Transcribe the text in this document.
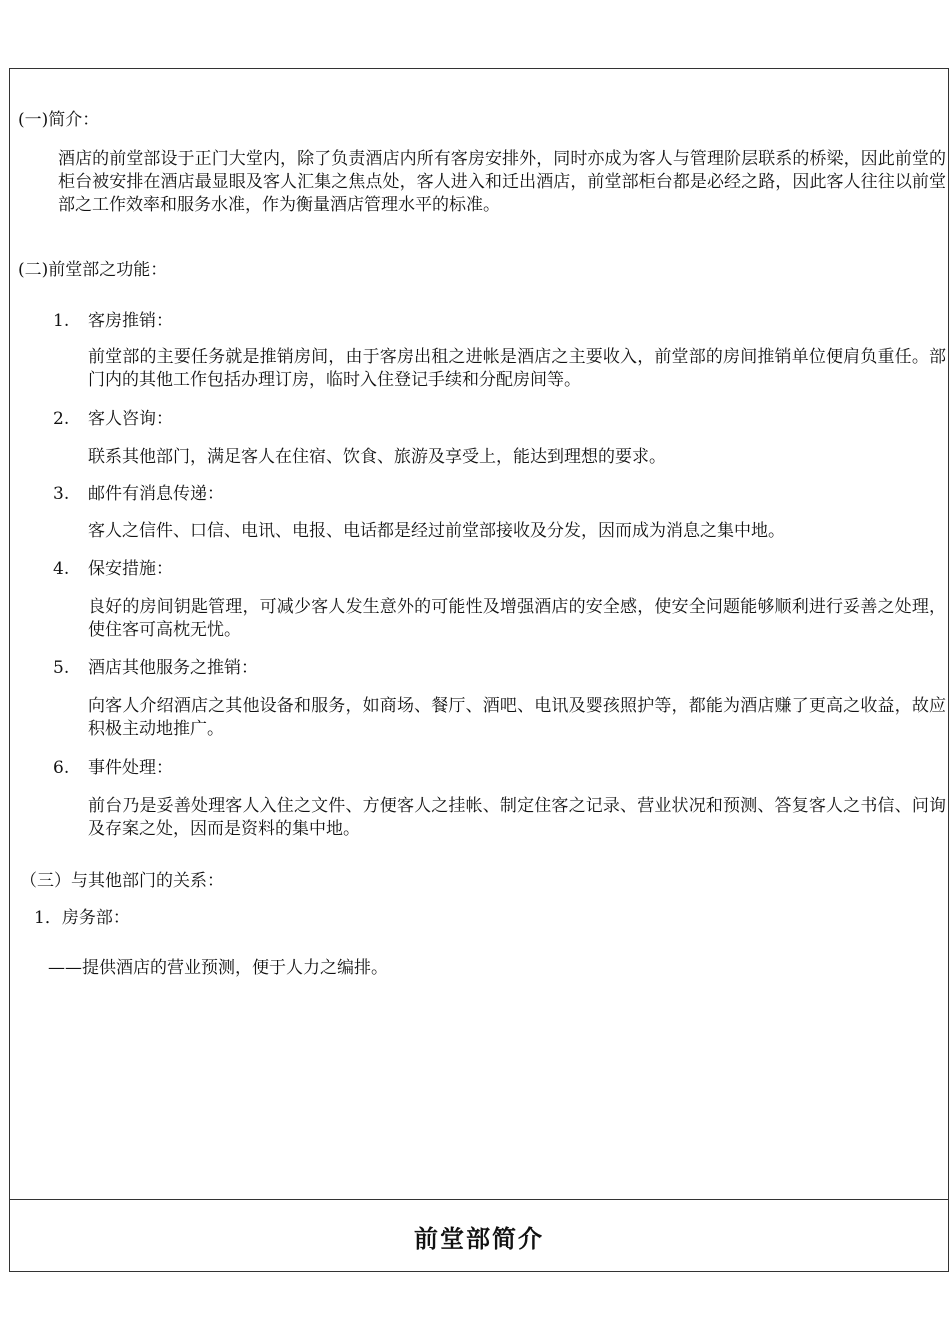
(一)简介：
酒店的前堂部设于正门大堂内，除了负责酒店内所有客房安排外，同时亦成为客人与管理阶层联系的桥梁，因此前堂的柜台被安排在酒店最显眼及客人汇集之焦点处，客人进入和迁出酒店，前堂部柜台都是必经之路，因此客人往往以前堂部之工作效率和服务水准，作为衡量酒店管理水平的标准。
(二)前堂部之功能：
1. 客房推销：
前堂部的主要任务就是推销房间，由于客房出租之进帐是酒店之主要收入，前堂部的房间推销单位便肩负重任。部门内的其他工作包括办理订房，临时入住登记手续和分配房间等。
2. 客人咨询：
联系其他部门，满足客人在住宿、饮食、旅游及享受上，能达到理想的要求。
3. 邮件有消息传递：
客人之信件、口信、电讯、电报、电话都是经过前堂部接收及分发，因而成为消息之集中地。
4. 保安措施：
良好的房间钥匙管理，可减少客人发生意外的可能性及增强酒店的安全感，使安全问题能够顺利进行妥善之处理，使住客可高枕无忧。
5. 酒店其他服务之推销：
向客人介绍酒店之其他设备和服务，如商场、餐厅、酒吧、电讯及婴孩照护等，都能为酒店赚了更高之收益，故应积极主动地推广。
6. 事件处理：
前台乃是妥善处理客人入住之文件、方便客人之挂帐、制定住客之记录、营业状况和预测、答复客人之书信、问询及存案之处，因而是资料的集中地。
（三）与其他部门的关系：
1．房务部：
——提供酒店的营业预测，便于人力之编排。
前堂部简介
